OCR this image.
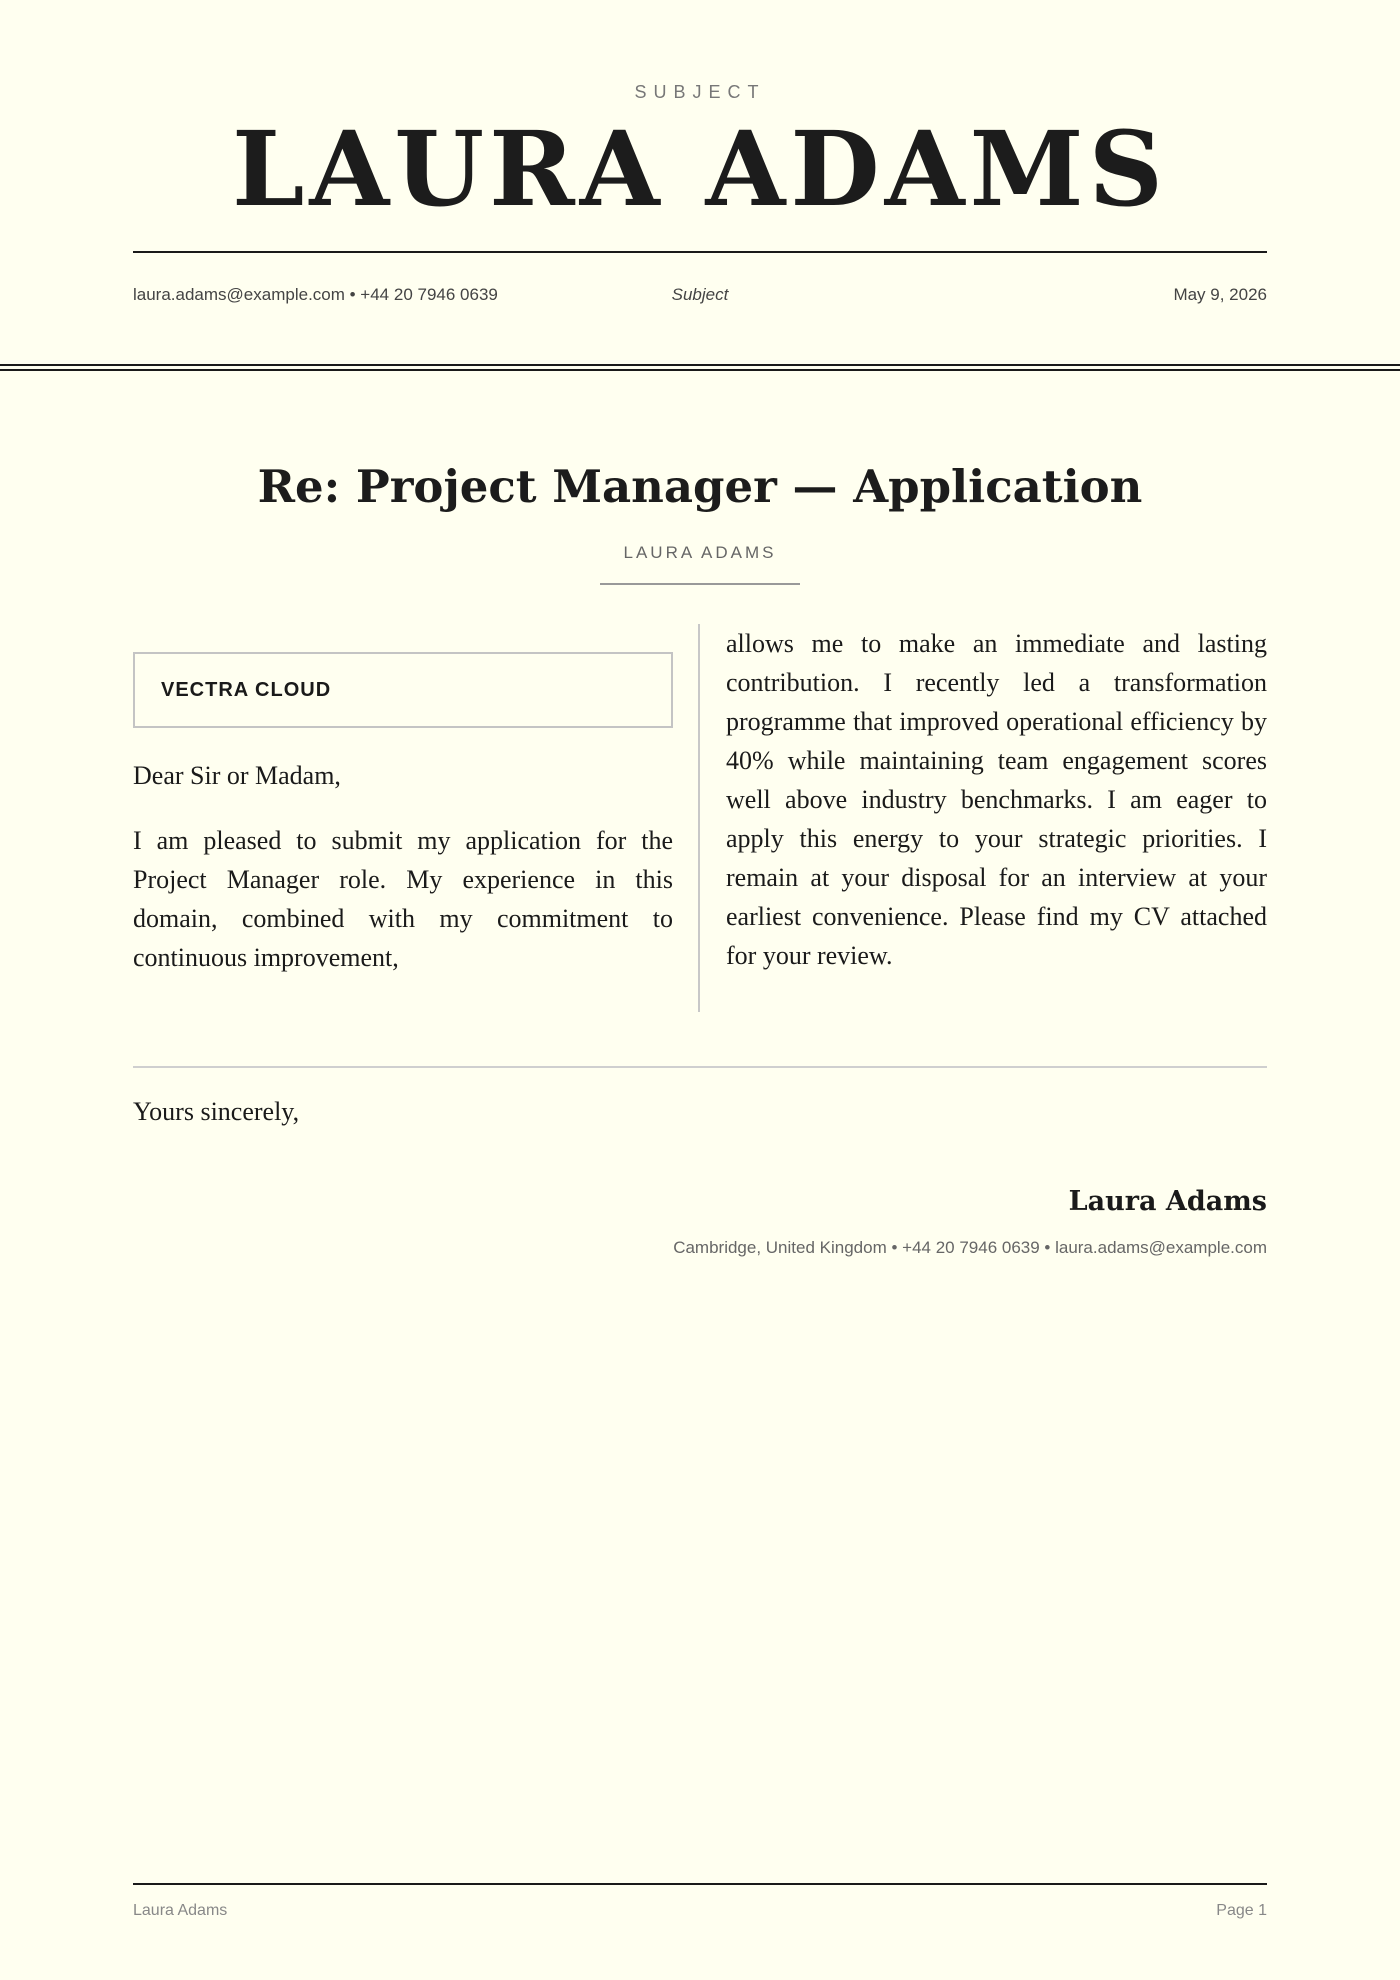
SUBJECT
LAURA ADAMS
laura.adams@example.com • +44 20 7946 0639	Subject	May 9, 2026
Re: Project Manager — Application
LAURA ADAMS
VECTRA CLOUD
Dear Sir or Madam,

I am pleased to submit my application for the Project Manager role. My experience in this domain, combined with my commitment to continuous improvement,

allows me to make an immediate and lasting contribution. I recently led a transformation programme that improved operational efficiency by 40% while maintaining team engagement scores well above industry benchmarks. I am eager to apply this energy to your strategic priorities. I remain at your disposal for an interview at your earliest convenience. Please find my CV attached for your review.

Yours sincerely,
Laura Adams
Cambridge, United Kingdom • +44 20 7946 0639 • laura.adams@example.com
Laura Adams	Page 1
